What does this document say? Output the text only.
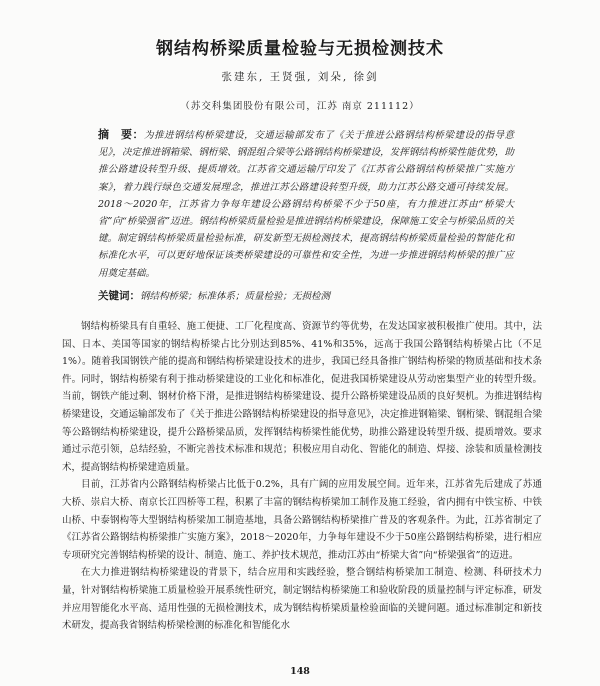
钢结构桥梁质量检验与无损检测技术
张建东, 王贤强, 刘朵, 徐剑
（苏交科集团股份有限公司，江苏 南京 211112）
摘　要：为推进钢结构桥梁建设，交通运输部发布了《关于推进公路钢结构桥梁建设的指导意见》，决定推进钢箱梁、钢桁梁、钢混组合梁等公路钢结构桥梁建设，发挥钢结构桥梁性能优势，助推公路建设转型升级、提质增效。江苏省交通运输厅印发了《江苏省公路钢结构桥梁推广实施方案》，着力践行绿色交通发展理念，推进江苏公路建设转型升级，助力江苏公路交通可持续发展。2018～2020年，江苏省力争每年建设公路钢结构桥梁不少于50座，有力推进江苏由“桥梁大省”向“桥梁强省”迈进。钢结构桥梁质量检验是推进钢结构桥梁建设，保障施工安全与桥梁品质的关键。制定钢结构桥梁质量检验标准，研发新型无损检测技术，提高钢结构桥梁质量检验的智能化和标准化水平，可以更好地保证该类桥梁建设的可靠性和安全性，为进一步推进钢结构桥梁的推广应用奠定基础。
关键词：钢结构桥梁；标准体系；质量检验；无损检测

钢结构桥梁具有自重轻、施工便捷、工厂化程度高、资源节约等优势，在发达国家被积极推广使用。其中，法国、日本、美国等国家的钢结构桥梁占比分别达到85%、41%和35%，远高于我国公路钢结构桥梁占比（不足1%）。随着我国钢铁产能的提高和钢结构桥梁建设技术的进步，我国已经具备推广钢结构桥梁的物质基础和技术条件。同时，钢结构桥梁有利于推动桥梁建设的工业化和标准化，促进我国桥梁建设从劳动密集型产业的转型升级。当前，钢铁产能过剩、钢材价格下滑，是推进钢结构桥梁建设、提升公路桥梁建设品质的良好契机。为推进钢结构桥梁建设，交通运输部发布了《关于推进公路钢结构桥梁建设的指导意见》，决定推进钢箱梁、钢桁梁、钢混组合梁等公路钢结构桥梁建设，提升公路桥梁品质，发挥钢结构桥梁性能优势，助推公路建设转型升级、提质增效。要求通过示范引领，总结经验，不断完善技术标准和规范；积极应用自动化、智能化的制造、焊接、涂装和质量检测技术，提高钢结构桥梁建造质量。

目前，江苏省内公路钢结构桥梁占比低于0.2%，具有广阔的应用发展空间。近年来，江苏省先后建成了苏通大桥、崇启大桥、南京长江四桥等工程，积累了丰富的钢结构桥梁加工制作及施工经验，省内拥有中铁宝桥、中铁山桥、中泰钢构等大型钢结构桥梁加工制造基地，具备公路钢结构桥梁推广普及的客观条件。为此，江苏省制定了《江苏省公路钢结构桥梁推广实施方案》，2018～2020年，力争每年建设不少于50座公路钢结构桥梁，进行相应专项研究完善钢结构桥梁的设计、制造、施工、养护技术规范，推动江苏由“桥梁大省”向“桥梁强省”的迈进。

在大力推进钢结构桥梁建设的背景下，结合应用和实践经验，整合钢结构桥梁加工制造、检测、科研技术力量，针对钢结构桥梁施工质量检验开展系统性研究，制定钢结构桥梁施工和验收阶段的质量控制与评定标准，研发并应用智能化水平高、适用性强的无损检测技术，成为钢结构桥梁质量检验面临的关键问题。通过标准制定和新技术研发，提高我省钢结构桥梁检测的标准化和智能化水

148
